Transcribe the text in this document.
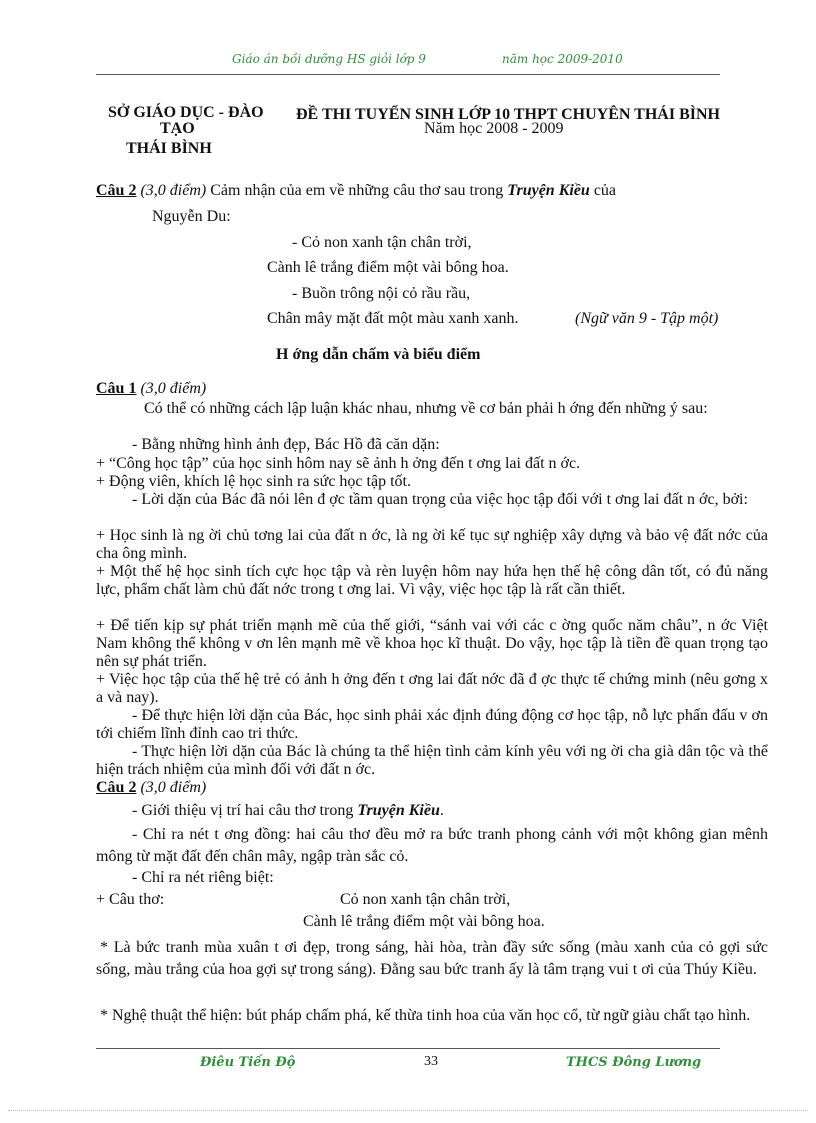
Giáo án bồi dưỡng HS giỏi lớp 9	năm học 2009-2010
SỞ GIÁO DỤC - ĐÀO
TẠO
THÁI BÌNH
ĐỀ THI TUYỂN SINH LỚP 10 THPT CHUYÊN THÁI BÌNH
Năm học 2008 - 2009
Câu 2 (3,0 điểm) Cảm nhận của em về những câu thơ sau trong Truyện Kiều của
Nguyễn Du:
- Cỏ non xanh tận chân trời,
Cành lê trắng điểm một vài bông hoa.
- Buồn trông nội cỏ rầu rầu,
Chân mây mặt đất một màu xanh xanh.	(Ngữ văn 9 - Tập một)
H ớng dẫn chấm và biểu điểm
Câu 1 (3,0 điểm)
Có thể có những cách lập luận khác nhau, nhưng về cơ bản phải h ớng đến những ý sau:
- Bằng những hình ảnh đẹp, Bác Hồ đã căn dặn:
+ “Công học tập” của học sinh hôm nay sẽ ảnh h ởng đến t ơng lai đất n ớc.
+ Động viên, khích lệ học sinh ra sức học tập tốt.
- Lời dặn của Bác đã nói lên đ ợc tầm quan trọng của việc học tập đối với t ơng lai đất n ớc, bởi:
+ Học sinh là ng ời chủ tơng lai của đất n ớc, là ng ời kế tục sự nghiệp xây dựng và bảo vệ đất nớc của cha ông mình.
+ Một thế hệ học sinh tích cực học tập và rèn luyện hôm nay hứa hẹn thế hệ công dân tốt, có đủ năng lực, phẩm chất làm chủ đất nớc trong t ơng lai. Vì vậy, việc học tập là rất cần thiết.
+ Để tiến kịp sự phát triển mạnh mẽ của thế giới, “sánh vai với các c ờng quốc năm châu”, n ớc Việt Nam không thể không v ơn lên mạnh mẽ về khoa học kĩ thuật. Do vậy, học tập là tiền đề quan trọng tạo nên sự phát triển.
+ Việc học tập của thế hệ trẻ có ảnh h ởng đến t ơng lai đất nớc đã đ ợc thực tế chứng minh (nêu gơng x a và nay).
- Để thực hiện lời dặn của Bác, học sinh phải xác định đúng động cơ học tập, nỗ lực phấn đấu v ơn tới chiếm lĩnh đỉnh cao tri thức.
- Thực hiện lời dặn của Bác là chúng ta thể hiện tình cảm kính yêu với ng ời cha già dân tộc và thể hiện trách nhiệm của mình đối với đất n ớc.
Câu 2 (3,0 điểm)
- Giới thiệu vị trí hai câu thơ trong Truyện Kiều.
- Chỉ ra nét t ơng đồng: hai câu thơ đều mở ra bức tranh phong cảnh với một không gian mênh mông từ mặt đất đến chân mây, ngập tràn sắc cỏ.
- Chỉ ra nét riêng biệt:
+ Câu thơ:	Cỏ non xanh tận chân trời,
Cành lê trắng điểm một vài bông hoa.
* Là bức tranh mùa xuân t ơi đẹp, trong sáng, hài hòa, tràn đầy sức sống (màu xanh của cỏ gợi sức sống, màu trắng của hoa gợi sự trong sáng). Đằng sau bức tranh ấy là tâm trạng vui t ơi của Thúy Kiều.
* Nghệ thuật thể hiện: bút pháp chấm phá, kế thừa tinh hoa của văn học cổ, từ ngữ giàu chất tạo hình.
Điêu Tiến Độ	33	THCS Đông Lương
